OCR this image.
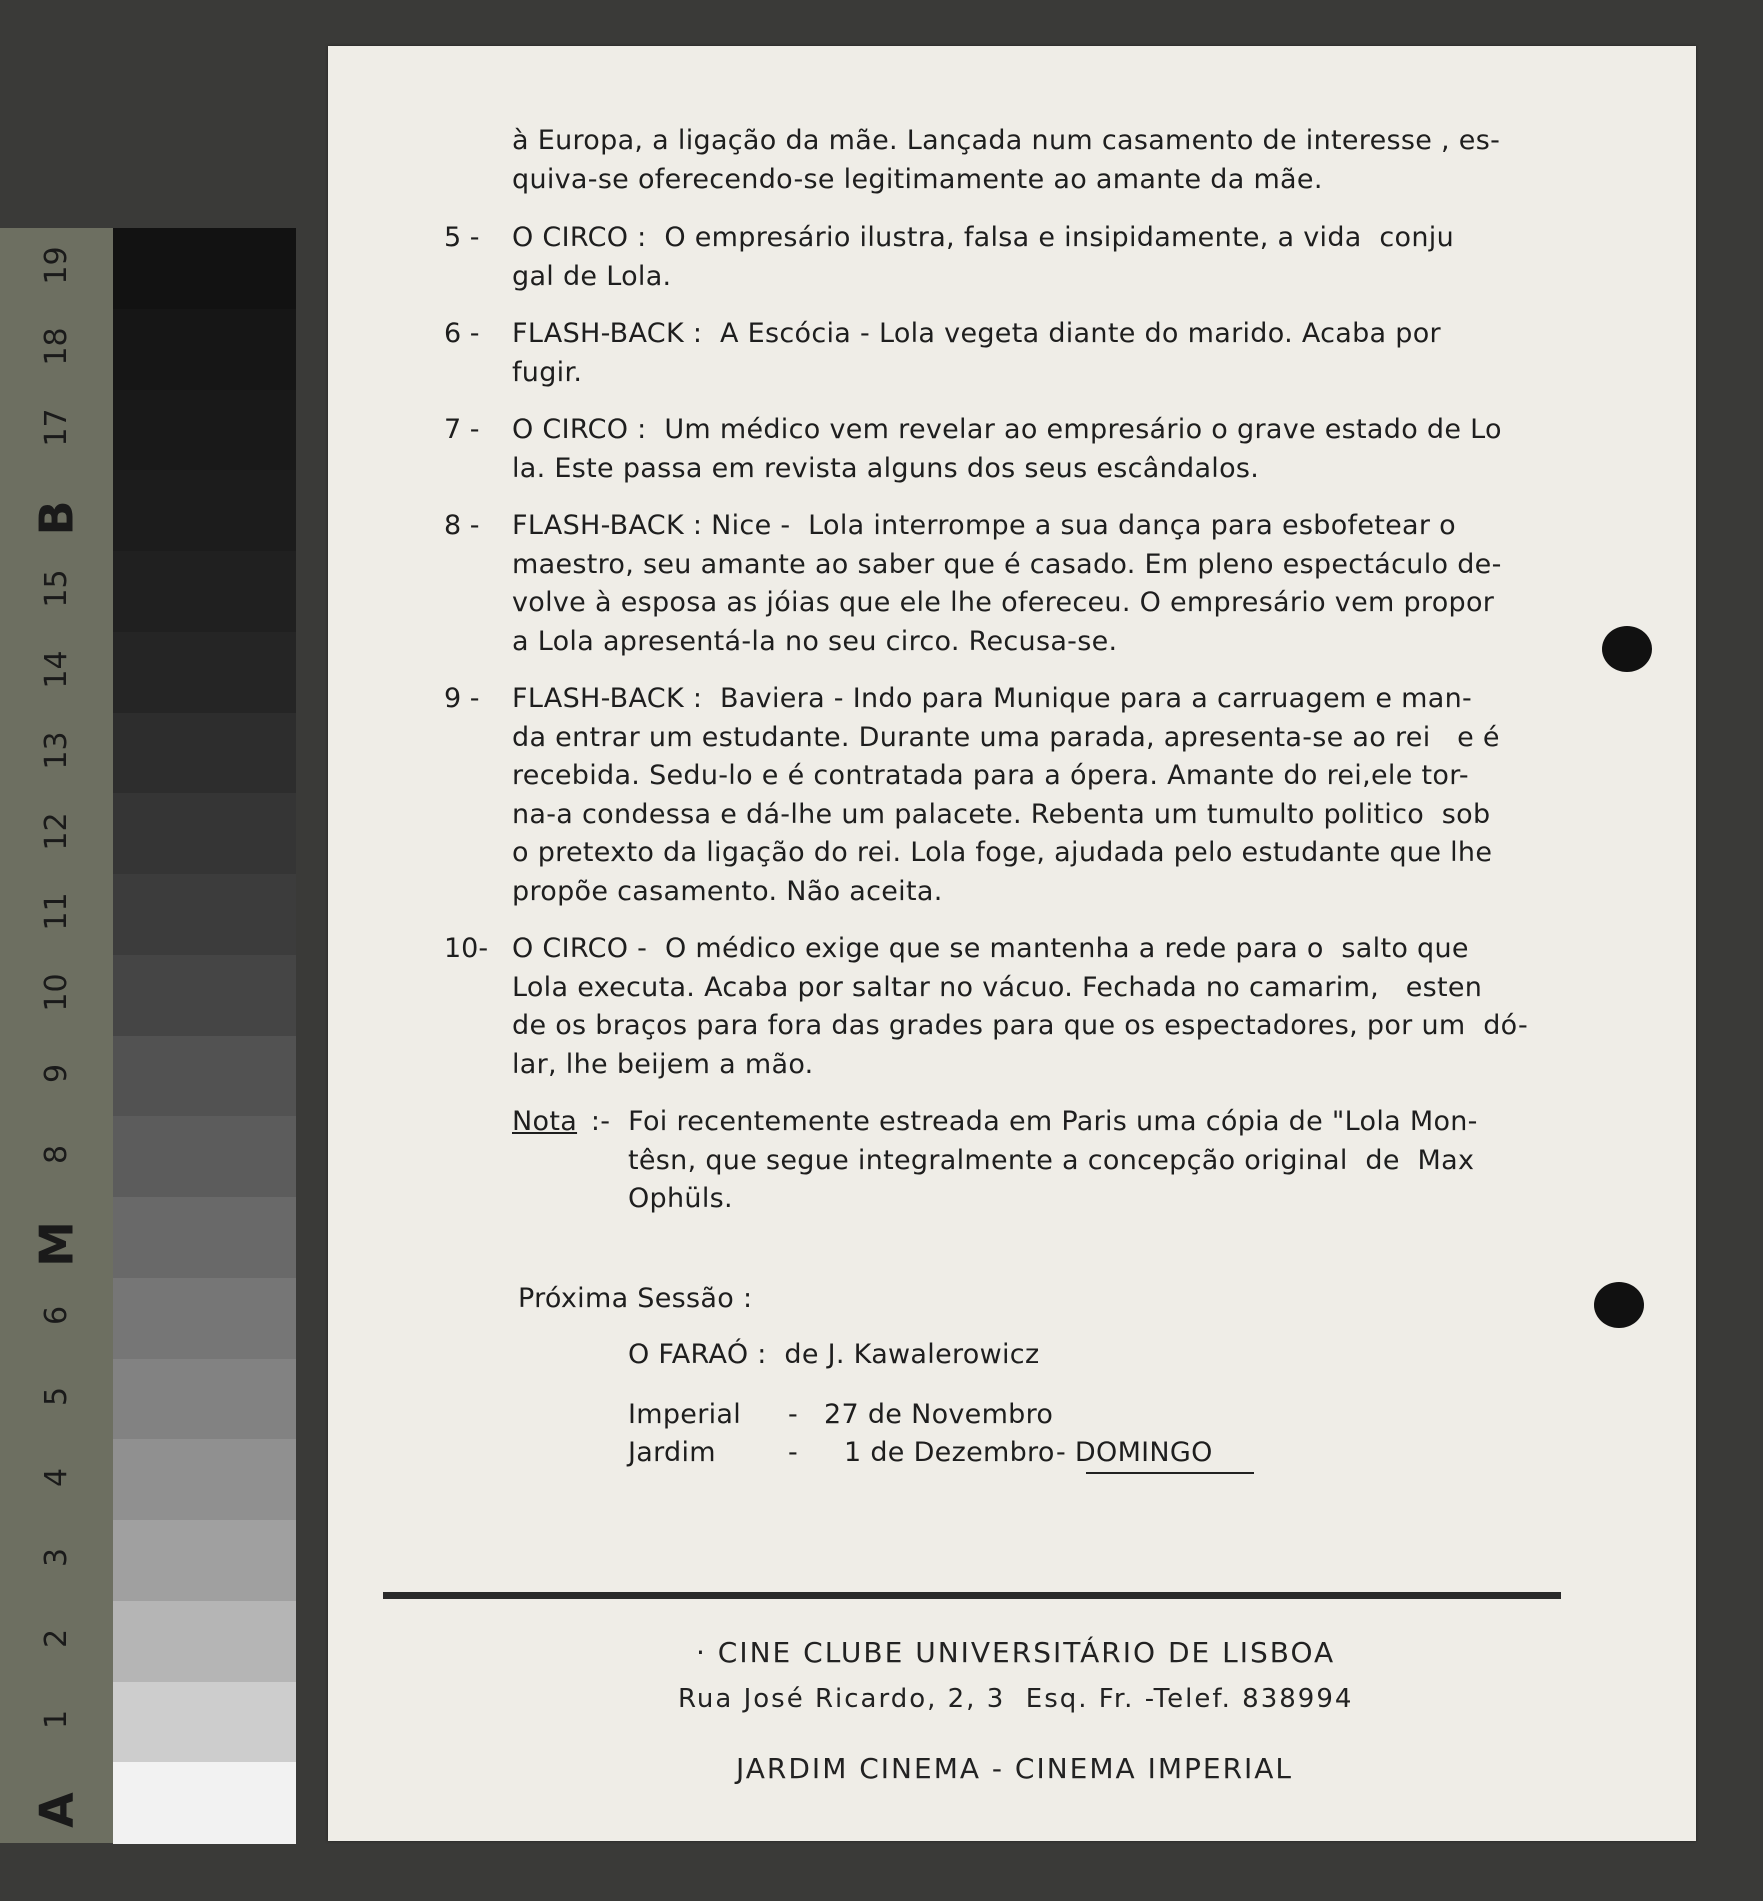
19
18
17
B
15
14
13
12
11
10
9
8
M
6
5
4
3
2
1
A
à Europa, a ligação da mãe. Lançada num casamento de interesse , es-
quiva-se oferecendo-se legitimamente ao amante da mãe.
5 - O CIRCO :  O empresário ilustra, falsa e insipidamente, a vida  conju
gal de Lola.
6 - FLASH-BACK :  A Escócia - Lola vegeta diante do marido. Acaba por
fugir.
7 - O CIRCO :  Um médico vem revelar ao empresário o grave estado de Lo
la. Este passa em revista alguns dos seus escândalos.
8 - FLASH-BACK : Nice -  Lola interrompe a sua dança para esbofetear o
maestro, seu amante ao saber que é casado. Em pleno espectáculo de-
volve à esposa as jóias que ele lhe ofereceu. O empresário vem propor
a Lola apresentá-la no seu circo. Recusa-se.
9 - FLASH-BACK :  Baviera - Indo para Munique para a carruagem e man-
da entrar um estudante. Durante uma parada, apresenta-se ao rei   e é
recebida. Sedu-lo e é contratada para a ópera. Amante do rei,ele tor-
na-a condessa e dá-lhe um palacete. Rebenta um tumulto politico  sob
o pretexto da ligação do rei. Lola foge, ajudada pelo estudante que lhe
propõe casamento. Não aceita.
10- O CIRCO -  O médico exige que se mantenha a rede para o  salto que
Lola executa. Acaba por saltar no vácuo. Fechada no camarim,   esten
de os braços para fora das grades para que os espectadores, por um  dó-
lar, lhe beijem a mão.
Nota :-  Foi recentemente estreada em Paris uma cópia de "Lola Mon-
têsn, que segue integralmente a concepção original  de  Max
Ophüls.
Próxima Sessão :
O FARAÓ :  de J. Kawalerowicz
Imperial - 27 de Novembro
Jardim	- 1 de Dezembro - DOMINGO
· CINE CLUBE UNIVERSITÁRIO DE LISBOA
Rua José Ricardo, 2, 3  Esq. Fr. -Telef. 838994
JARDIM CINEMA - CINEMA IMPERIAL
